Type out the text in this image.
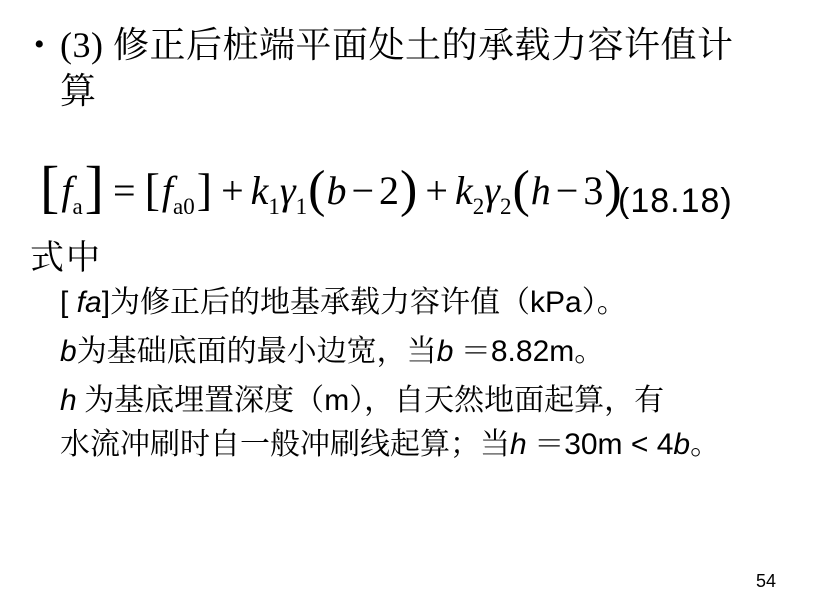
• (3) 修正后桩端平面处土的承载力容许值计算
$[f_a] = [f_{a0}] + k_1\gamma_1(b - 2) + k_2\gamma_2(h - 3)$
(18.18)
式中
[ fa]为修正后的地基承载力容许值（kPa）。
b为基础底面的最小边宽，当b ＝8.82m。
h 为基底埋置深度（m），自天然地面起算，有
水流冲刷时自一般冲刷线起算；当h ＝30m < 4b。
54
